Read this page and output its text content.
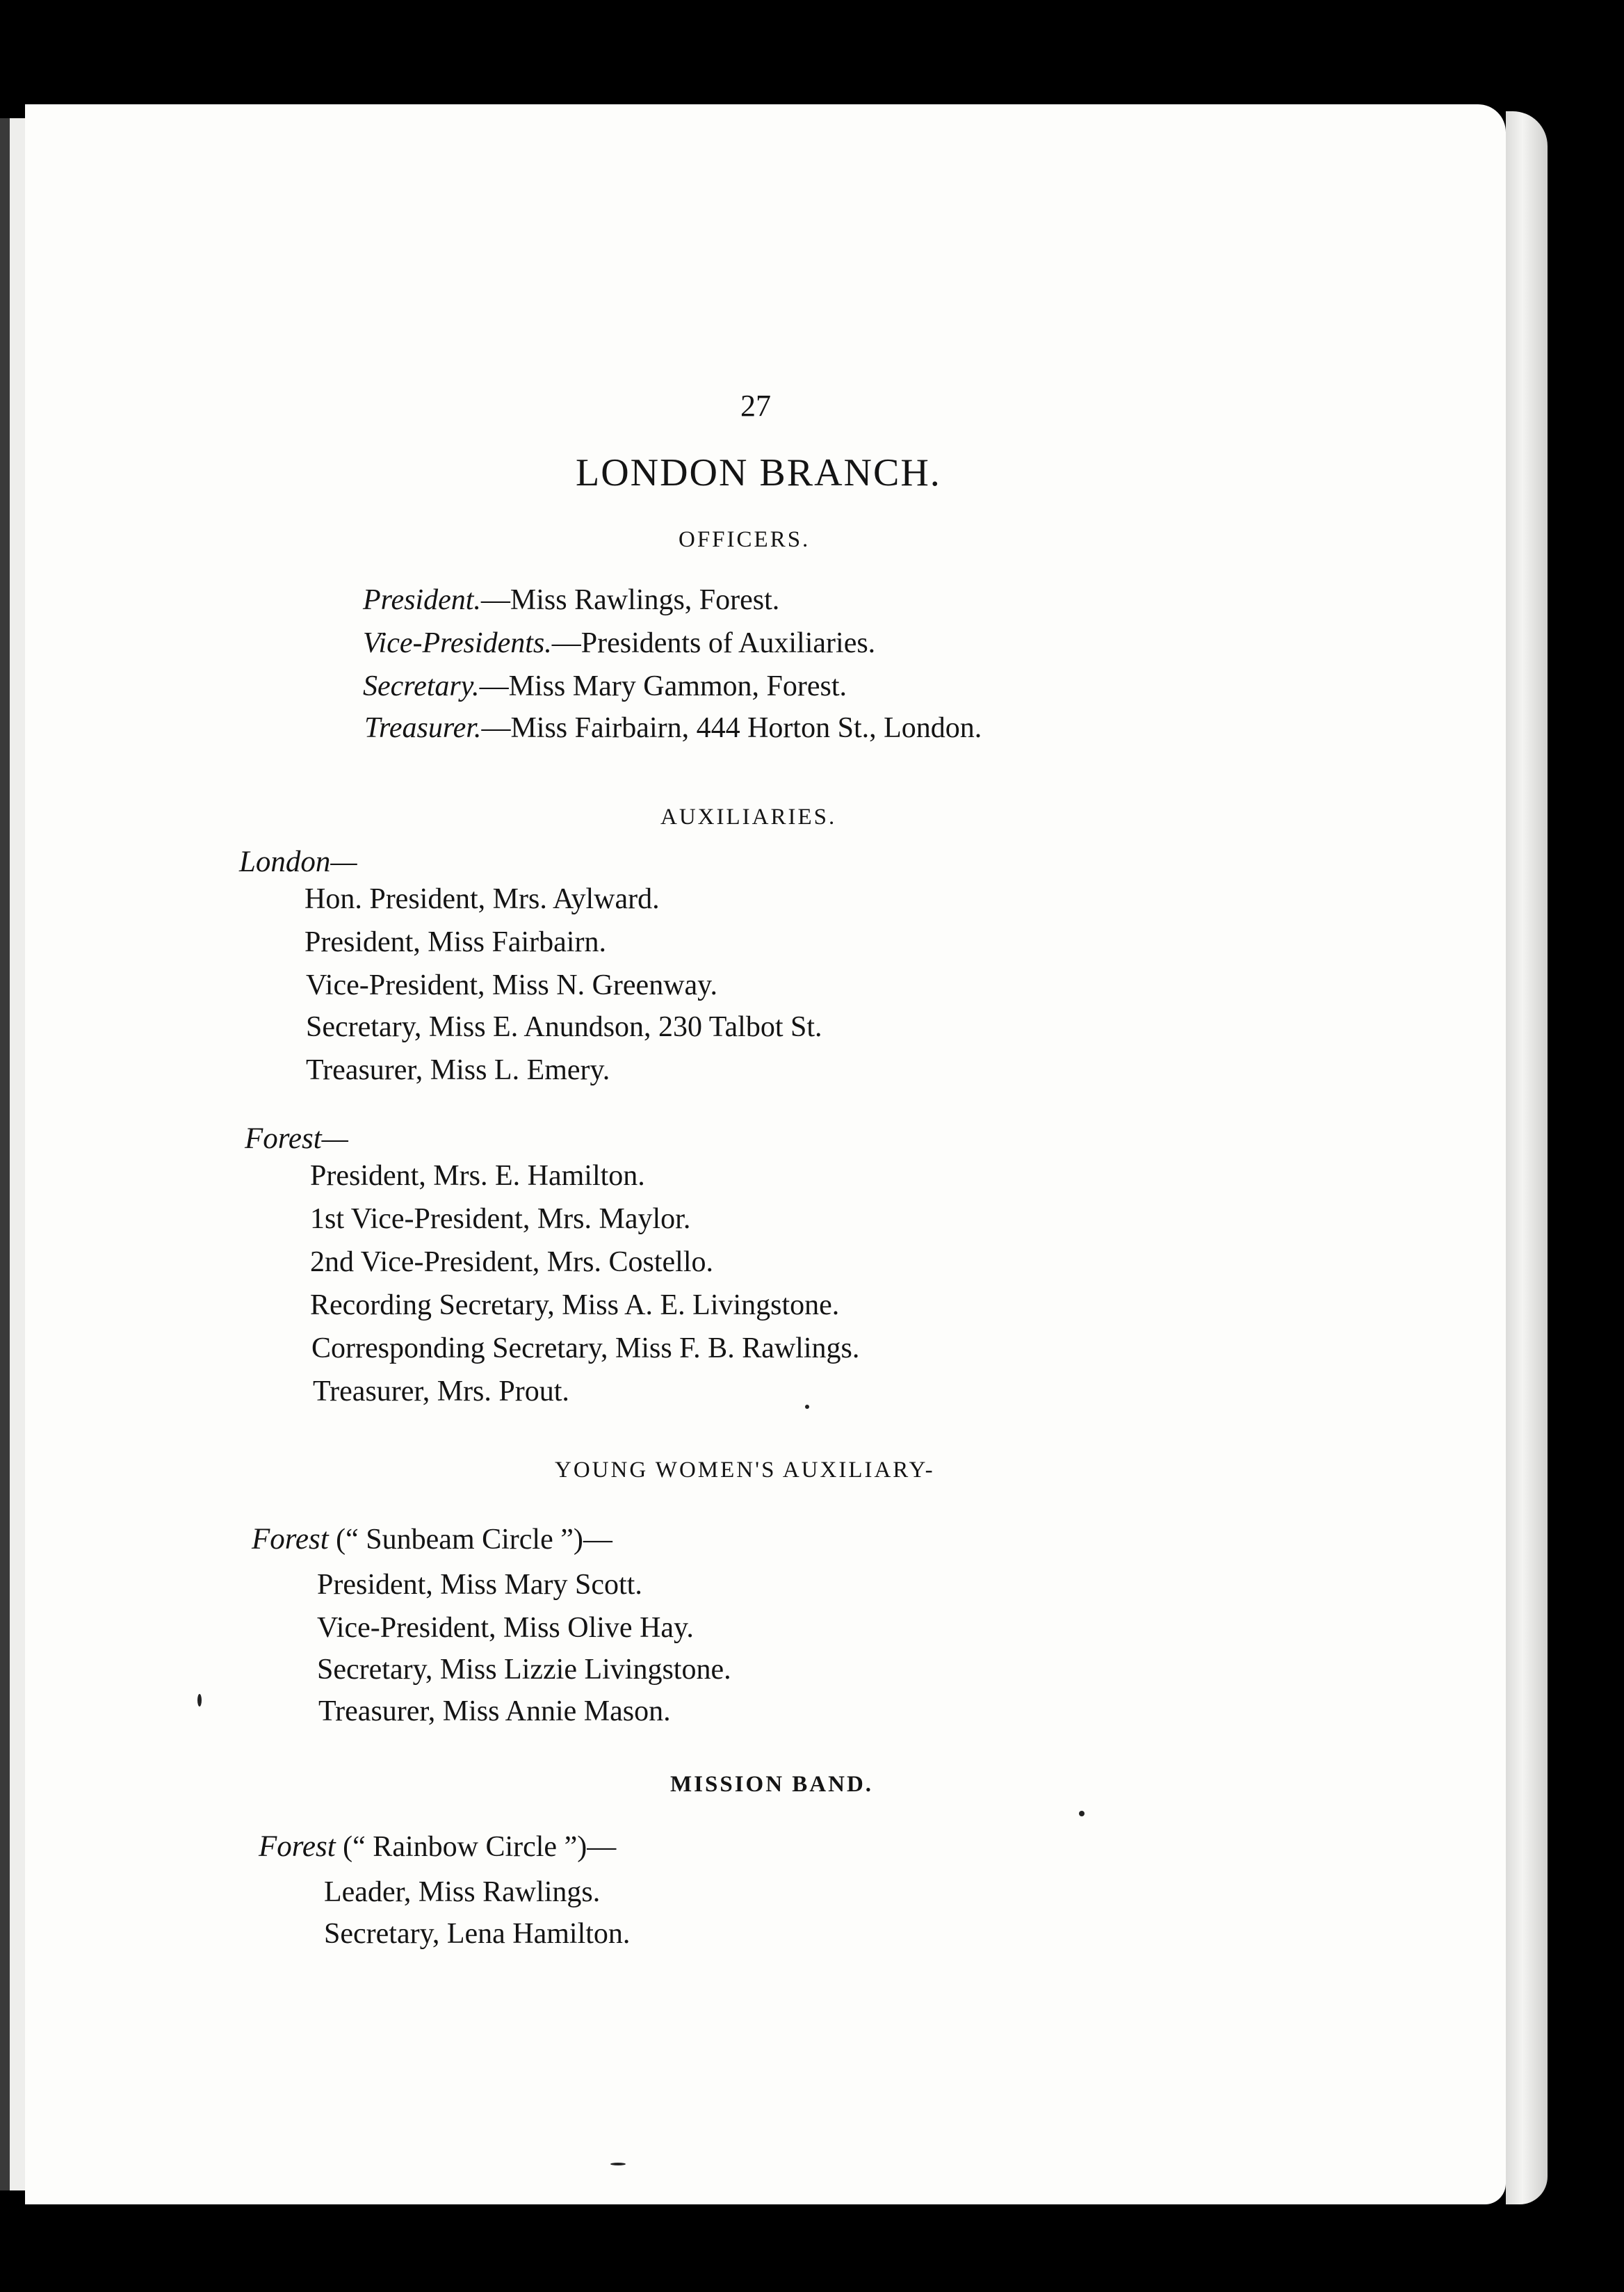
27
LONDON BRANCH.
OFFICERS.
President.—Miss Rawlings, Forest.
Vice-Presidents.—Presidents of Auxiliaries.
Secretary.—Miss Mary Gammon, Forest.
Treasurer.—Miss Fairbairn, 444 Horton St., London.
AUXILIARIES.
London—
Hon. President, Mrs. Aylward.
President, Miss Fairbairn.
Vice-President, Miss N. Greenway.
Secretary, Miss E. Anundson, 230 Talbot St.
Treasurer, Miss L. Emery.
Forest—
President, Mrs. E. Hamilton.
1st Vice-President, Mrs. Maylor.
2nd Vice-President, Mrs. Costello.
Recording Secretary, Miss A. E. Livingstone.
Corresponding Secretary, Miss F. B. Rawlings.
Treasurer, Mrs. Prout.
YOUNG WOMEN'S AUXILIARY-
Forest (“ Sunbeam Circle ”)—
President, Miss Mary Scott.
Vice-President, Miss Olive Hay.
Secretary, Miss Lizzie Livingstone.
Treasurer, Miss Annie Mason.
MISSION BAND.
Forest (“ Rainbow Circle ”)—
Leader, Miss Rawlings.
Secretary, Lena Hamilton.
